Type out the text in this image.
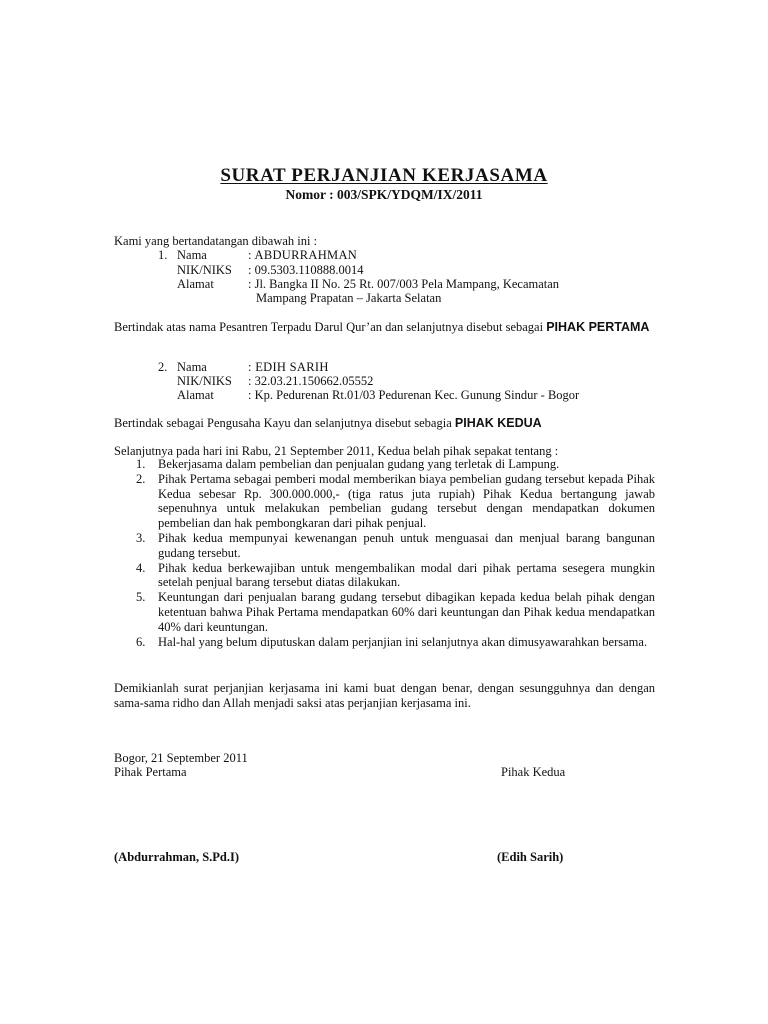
SURAT PERJANJIAN KERJASAMA
Nomor : 003/SPK/YDQM/IX/2011
Kami yang bertandatangan dibawah ini :
1. Nama	: ABDURRAHMAN
NIK/NIKS : 09.5303.110888.0014
Alamat	: Jl. Bangka II No. 25 Rt. 007/003 Pela Mampang, Kecamatan
Mampang Prapatan – Jakarta Selatan
Bertindak atas nama Pesantren Terpadu Darul Qur’an dan selanjutnya disebut sebagai PIHAK PERTAMA
2. Nama	: EDIH SARIH
NIK/NIKS : 32.03.21.150662.05552
Alamat	: Kp. Pedurenan Rt.01/03 Pedurenan Kec. Gunung Sindur - Bogor
Bertindak sebagai Pengusaha Kayu dan selanjutnya disebut sebagia PIHAK KEDUA
Selanjutnya pada hari ini Rabu, 21 September 2011, Kedua belah pihak sepakat tentang :
1. Bekerjasama dalam pembelian dan penjualan gudang yang terletak di Lampung.
2. Pihak Pertama sebagai pemberi modal memberikan biaya pembelian gudang tersebut kepada Pihak Kedua sebesar Rp. 300.000.000,- (tiga ratus juta rupiah) Pihak Kedua bertangung jawab sepenuhnya untuk melakukan pembelian gudang tersebut dengan mendapatkan dokumen pembelian dan hak pembongkaran dari pihak penjual.
3. Pihak kedua mempunyai kewenangan penuh untuk menguasai dan menjual barang bangunan gudang tersebut.
4. Pihak kedua berkewajiban untuk mengembalikan modal dari pihak pertama sesegera mungkin setelah penjual barang tersebut diatas dilakukan.
5. Keuntungan dari penjualan barang gudang tersebut dibagikan kepada kedua belah pihak dengan ketentuan bahwa Pihak Pertama mendapatkan 60% dari keuntungan dan Pihak kedua mendapatkan 40% dari keuntungan.
6. Hal-hal yang belum diputuskan dalam perjanjian ini selanjutnya akan dimusyawarahkan bersama.
Demikianlah surat perjanjian kerjasama ini kami buat dengan benar, dengan sesungguhnya dan dengan sama-sama ridho dan Allah menjadi saksi atas perjanjian kerjasama ini.
Bogor, 21 September 2011
Pihak Pertama	Pihak Kedua
(Abdurrahman, S.Pd.I)	(Edih Sarih)
